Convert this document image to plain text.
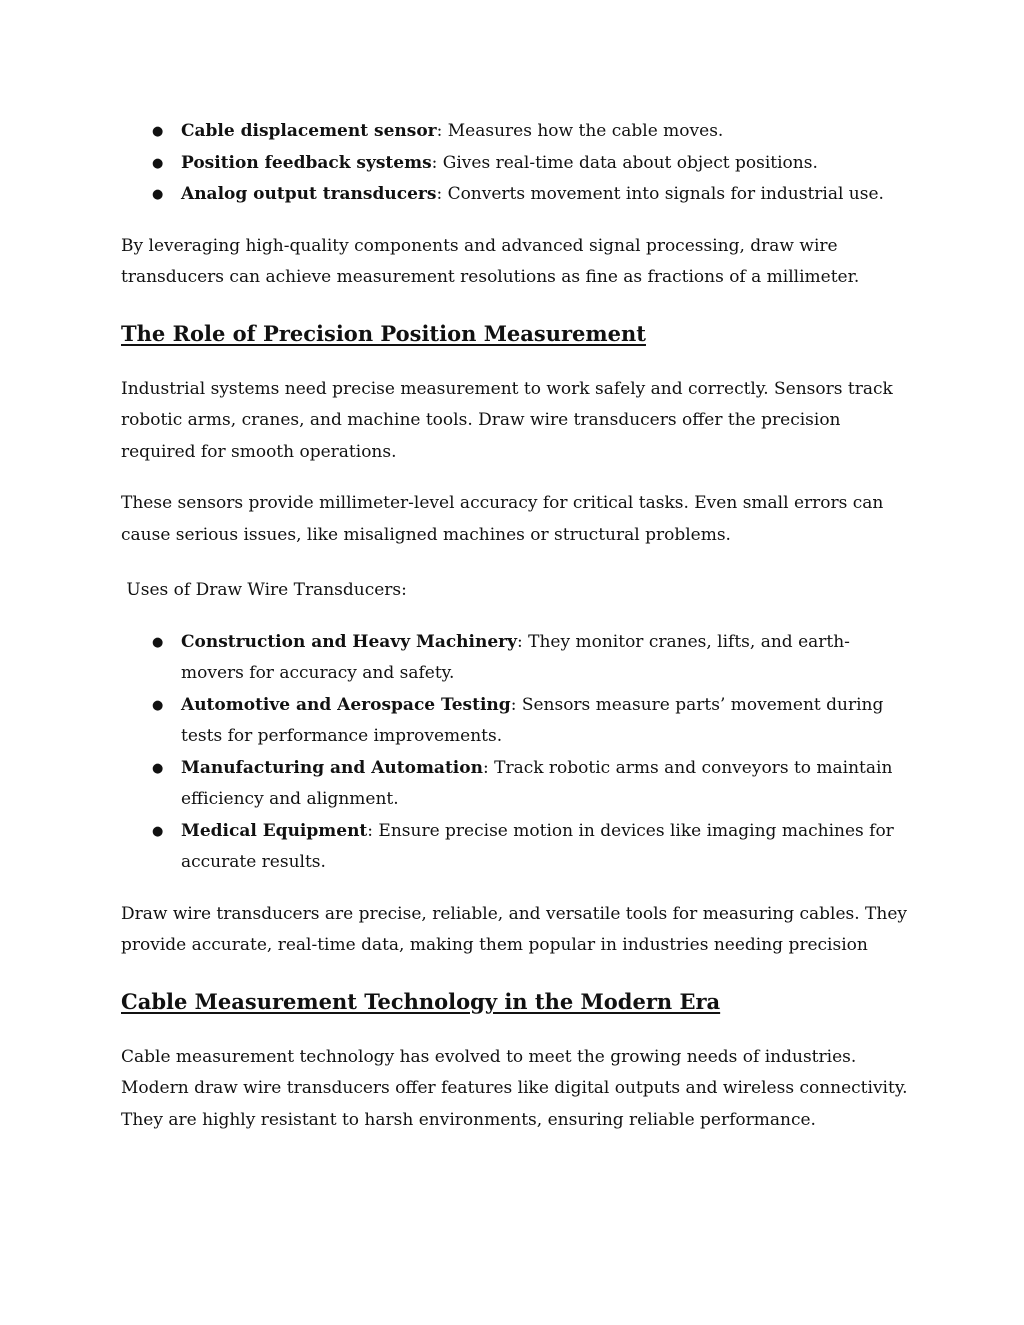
● Cable displacement sensor: Measures how the cable moves.
● Position feedback systems: Gives real-time data about object positions.
● Analog output transducers: Converts movement into signals for industrial use.

By leveraging high-quality components and advanced signal processing, draw wire transducers can achieve measurement resolutions as fine as fractions of a millimeter.

The Role of Precision Position Measurement

Industrial systems need precise measurement to work safely and correctly. Sensors track robotic arms, cranes, and machine tools. Draw wire transducers offer the precision required for smooth operations.

These sensors provide millimeter-level accuracy for critical tasks. Even small errors can cause serious issues, like misaligned machines or structural problems.

Uses of Draw Wire Transducers:

● Construction and Heavy Machinery: They monitor cranes, lifts, and earth-movers for accuracy and safety.
● Automotive and Aerospace Testing: Sensors measure parts’ movement during tests for performance improvements.
● Manufacturing and Automation: Track robotic arms and conveyors to maintain efficiency and alignment.
● Medical Equipment: Ensure precise motion in devices like imaging machines for accurate results.

Draw wire transducers are precise, reliable, and versatile tools for measuring cables. They provide accurate, real-time data, making them popular in industries needing precision

Cable Measurement Technology in the Modern Era

Cable measurement technology has evolved to meet the growing needs of industries. Modern draw wire transducers offer features like digital outputs and wireless connectivity. They are highly resistant to harsh environments, ensuring reliable performance.
